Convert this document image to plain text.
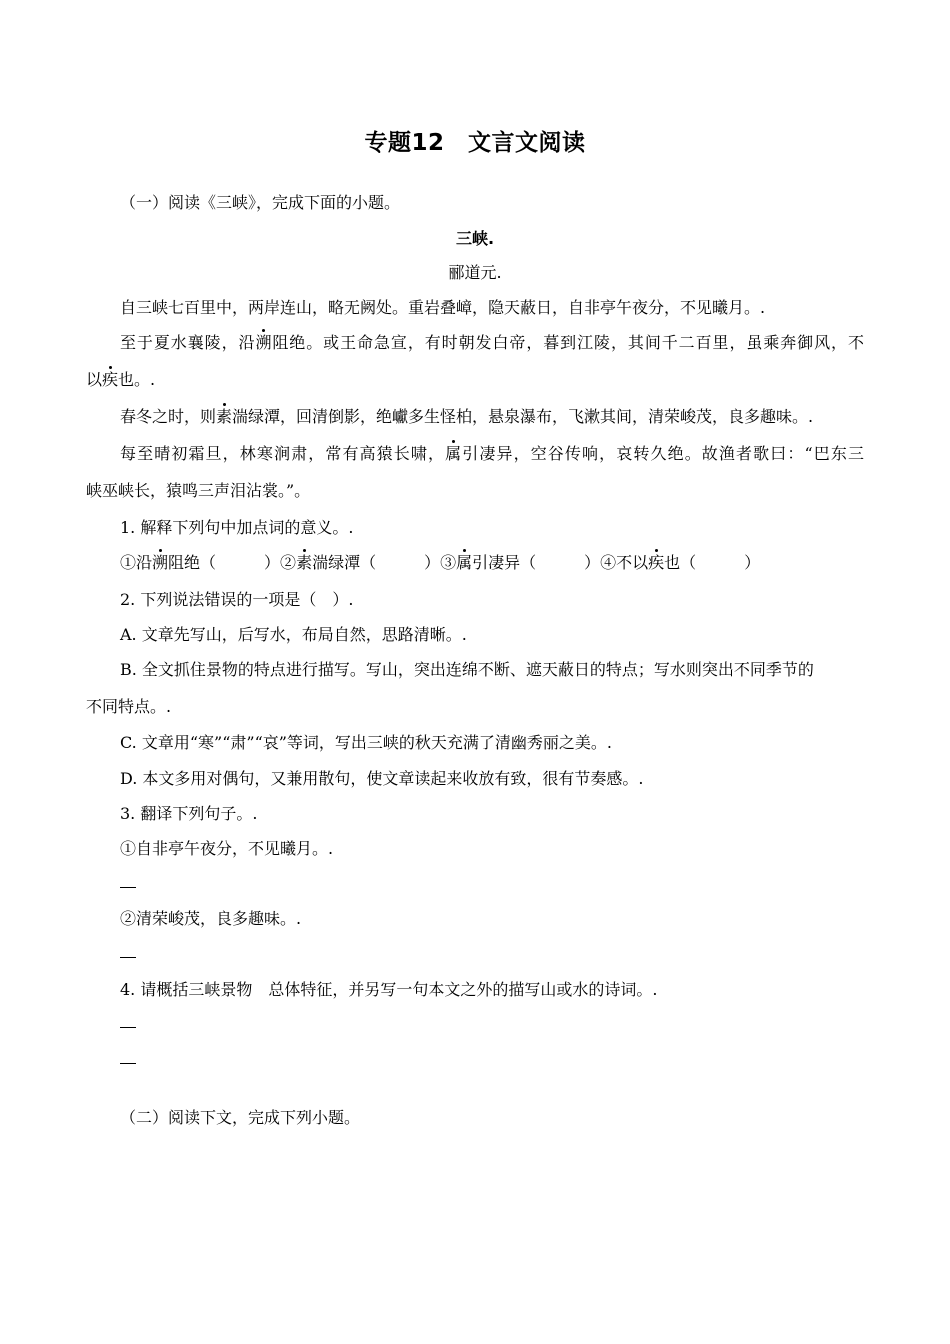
专题12　文言文阅读
（一）阅读《三峡》，完成下面的小题。
三峡.
郦道元.
自三峡七百里中，两岸连山，略无阙处。重岩叠嶂，隐天蔽日，自非亭午夜分，不见曦月。.
至于夏水襄陵，沿溯阻绝。或王命急宣，有时朝发白帝，暮到江陵，其间千二百里，虽乘奔御风，不
以疾也。.
春冬之时，则素湍绿潭，回清倒影，绝巘多生怪柏，悬泉瀑布，飞漱其间，清荣峻茂，良多趣味。.
每至晴初霜旦，林寒涧肃，常有高猿长啸，属引凄异，空谷传响，哀转久绝。故渔者歌曰：“巴东三
峡巫峡长，猿鸣三声泪沾裳。”。
1. 解释下列句中加点词的意义。.
①沿溯阻绝（	）②素湍绿潭（	）③属引凄异（	）④不以疾也（	）
2. 下列说法错误的一项是（　）.
A. 文章先写山，后写水，布局自然，思路清晰。.
B. 全文抓住景物的特点进行描写。写山，突出连绵不断、遮天蔽日的特点；写水则突出不同季节的
不同特点。.
C. 文章用“寒”“肃”“哀”等词，写出三峡的秋天充满了清幽秀丽之美。.
D. 本文多用对偶句，又兼用散句，使文章读起来收放有致，很有节奏感。.
3. 翻译下列句子。.
①自非亭午夜分，不见曦月。.
②清荣峻茂，良多趣味。.
4. 请概括三峡景物　总体特征，并另写一句本文之外的描写山或水的诗词。.
（二）阅读下文，完成下列小题。
